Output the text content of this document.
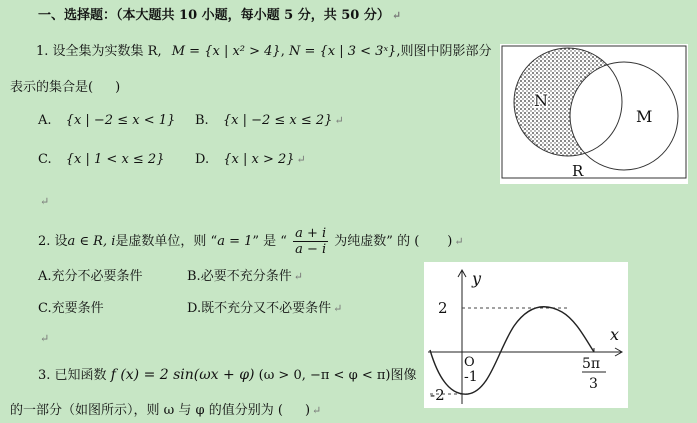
一、选择题：（本大题共 10 小题，每小题 5 分，共 50 分） ↵
1. 设全集为实数集 R, M = {x | x² > 4}, N = {x | 3 < 3ˣ},则图中阴影部分
表示的集合是( )
A. {x | −2 ≤ x < 1} B. {x | −2 ≤ x ≤ 2} ↵
C. {x | 1 < x ≤ 2} D. {x | x > 2} ↵
↵
N
M
R
2. 设a ∈ R, i是虚数单位，则 “a = 1” 是 “ $\frac{a + i}{a - i}$ 为纯虚数” 的 ( ) ↵
A.充分不必要条件	B.必要不充分条件 ↵
C.充要条件	D.既不充分又不必要条件 ↵
↵
3. 已知函数 f (x) = 2 sin(ωx + φ) (ω > 0, −π < φ < π)图像
的一部分（如图所示），则 ω 与 φ 的值分别为 ( ) ↵
y
x
2
O
-1
-2
5π
3
